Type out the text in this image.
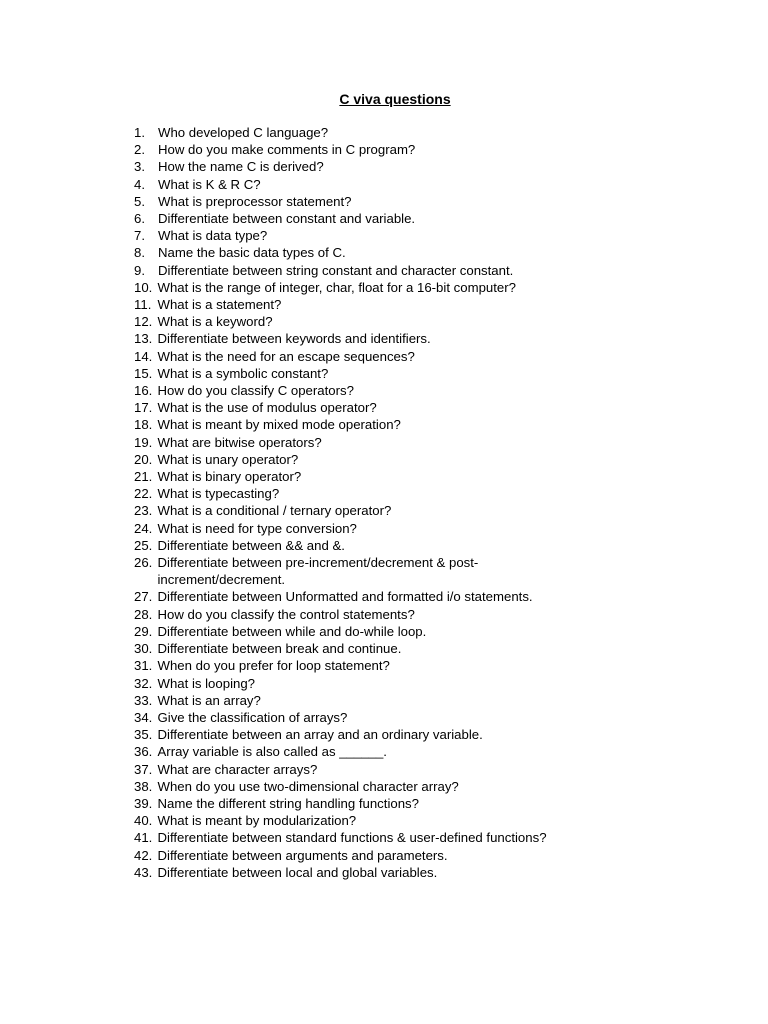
C viva questions
1. Who developed C language?
2. How do you make comments in C program?
3. How the name C is derived?
4. What is K & R C?
5. What is preprocessor statement?
6. Differentiate between constant and variable.
7. What is data type?
8. Name the basic data types of C.
9. Differentiate between string constant and character constant.
10. What is the range of integer, char, float for a 16-bit computer?
11. What is a statement?
12. What is a keyword?
13. Differentiate between keywords and identifiers.
14. What is the need for an escape sequences?
15. What is a symbolic constant?
16. How do you classify C operators?
17. What is the use of modulus operator?
18. What is meant by mixed mode operation?
19. What are bitwise operators?
20. What is unary operator?
21. What is binary operator?
22. What is typecasting?
23. What is a conditional / ternary operator?
24. What is need for type conversion?
25. Differentiate between && and &.
26. Differentiate between pre-increment/decrement & post-increment/decrement.
27. Differentiate between Unformatted and formatted i/o statements.
28. How do you classify the control statements?
29. Differentiate between while and do-while loop.
30. Differentiate between break and continue.
31. When do you prefer for loop statement?
32. What is looping?
33. What is an array?
34. Give the classification of arrays?
35. Differentiate between an array and an ordinary variable.
36. Array variable is also called as ______.
37. What are character arrays?
38. When do you use two-dimensional character array?
39. Name the different string handling functions?
40. What is meant by modularization?
41. Differentiate between standard functions & user-defined functions?
42. Differentiate between arguments and parameters.
43. Differentiate between local and global variables.
